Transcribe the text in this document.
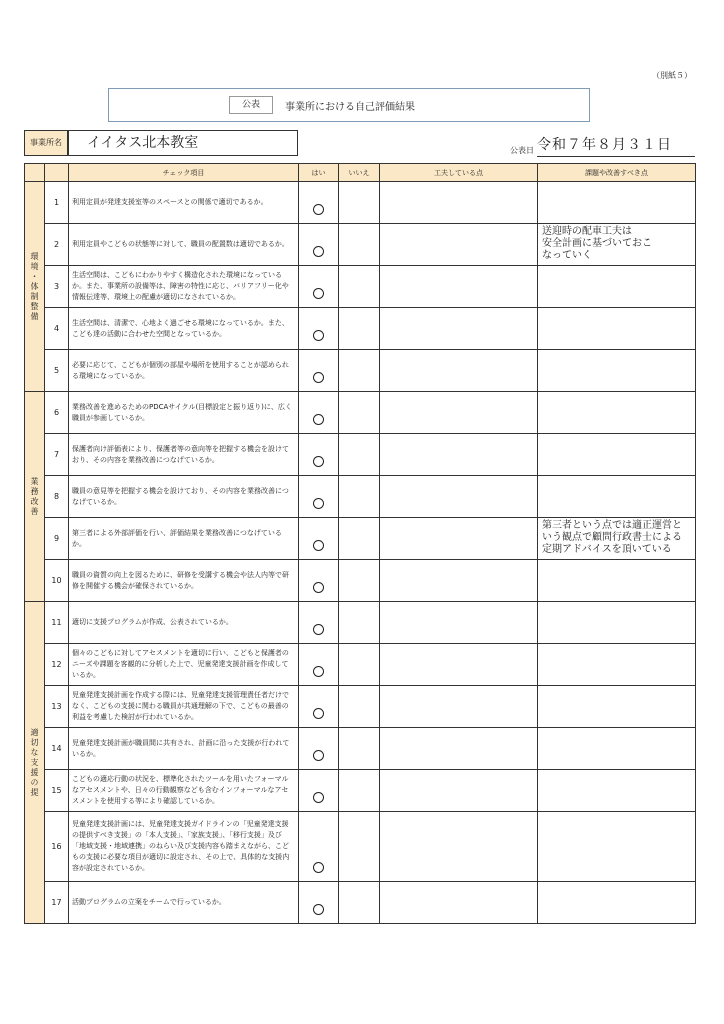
（別紙５）
公表	事業所における自己評価結果
事業所名	イイタス北本教室	公表日 令和７年８月３１日
		チェック項目	はい	いいえ	工夫している点	課題や改善すべき点
環境・体制整備	1	利用定員が発達支援室等のスペースとの関係で適切であるか。				
	2	利用定員やこどもの状態等に対して、職員の配置数は適切であるか。				送迎時の配車工夫は
安全計画に基づいておこ
なっていく
	3	生活空間は、こどもにわかりやすく構造化された環境になっているか。また、事業所の設備等は、障害の特性に応じ、バリアフリー化や情報伝達等、環境上の配慮が適切になされているか。				
	4	生活空間は、清潔で、心地よく過ごせる環境になっているか。また、こども達の活動に合わせた空間となっているか。				
	5	必要に応じて、こどもが個別の部屋や場所を使用することが認められる環境になっているか。				
業務改善	6	業務改善を進めるためのPDCAサイクル(目標設定と振り返り)に、広く職員が参画しているか。				
	7	保護者向け評価表により、保護者等の意向等を把握する機会を設けており、その内容を業務改善につなげているか。				
	8	職員の意見等を把握する機会を設けており、その内容を業務改善につなげているか。				
	9	第三者による外部評価を行い、評価結果を業務改善につなげているか。				第三者という点では適正運営と
いう観点で顧問行政書士による
定期アドバイスを頂いている
	10	職員の資質の向上を図るために、研修を受講する機会や法人内等で研修を開催する機会が確保されているか。				
適切な支援の提	11	適切に支援プログラムが作成、公表されているか。				
	12	個々のこどもに対してアセスメントを適切に行い、こどもと保護者のニーズや課題を客観的に分析した上で、児童発達支援計画を作成しているか。				
	13	児童発達支援計画を作成する際には、児童発達支援管理責任者だけでなく、こどもの支援に関わる職員が共通理解の下で、こどもの最善の利益を考慮した検討が行われているか。				
	14	児童発達支援計画が職員間に共有され、計画に沿った支援が行われているか。				
	15	こどもの適応行動の状況を、標準化されたツールを用いたフォーマルなアセスメントや、日々の行動観察なども含むインフォーマルなアセスメントを使用する等により確認しているか。				
	16	児童発達支援計画には、児童発達支援ガイドラインの「児童発達支援の提供すべき支援」の「本人支援」、「家族支援」、「移行支援」及び「地域支援・地域連携」のねらい及び支援内容も踏まえながら、こどもの支援に必要な項目が適切に設定され、その上で、具体的な支援内容が設定されているか。				
	17	活動プログラムの立案をチームで行っているか。				
